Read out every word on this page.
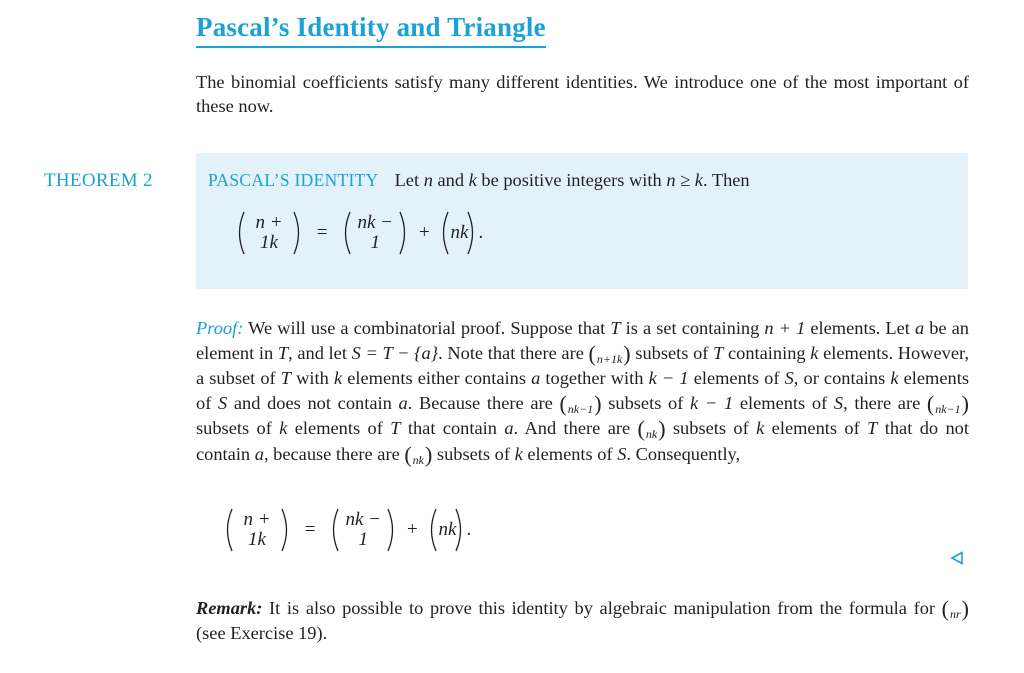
Pascal’s Identity and Triangle

The binomial coefficients satisfy many different identities. We introduce one of the most important of these now.

THEOREM 2	PASCAL’S IDENTITY Let n and k be positive integers with n ≥ k. Then
n + 1k = nk − 1 + nk .

Proof: We will use a combinatorial proof. Suppose that T is a set containing n + 1 elements. Let a be an element in T, and let S = T − {a}. Note that there are (n+1k) subsets of T containing k elements. However, a subset of T with k elements either contains a together with k − 1 elements of S, or contains k elements of S and does not contain a. Because there are (nk−1) subsets of k − 1 elements of S, there are (nk−1) subsets of k elements of T that contain a. And there are (nk) subsets of k elements of T that do not contain a, because there are (nk) subsets of k elements of S. Consequently,

n + 1k = nk − 1 + nk .

Remark: It is also possible to prove this identity by algebraic manipulation from the formula for (nr) (see Exercise 19).
